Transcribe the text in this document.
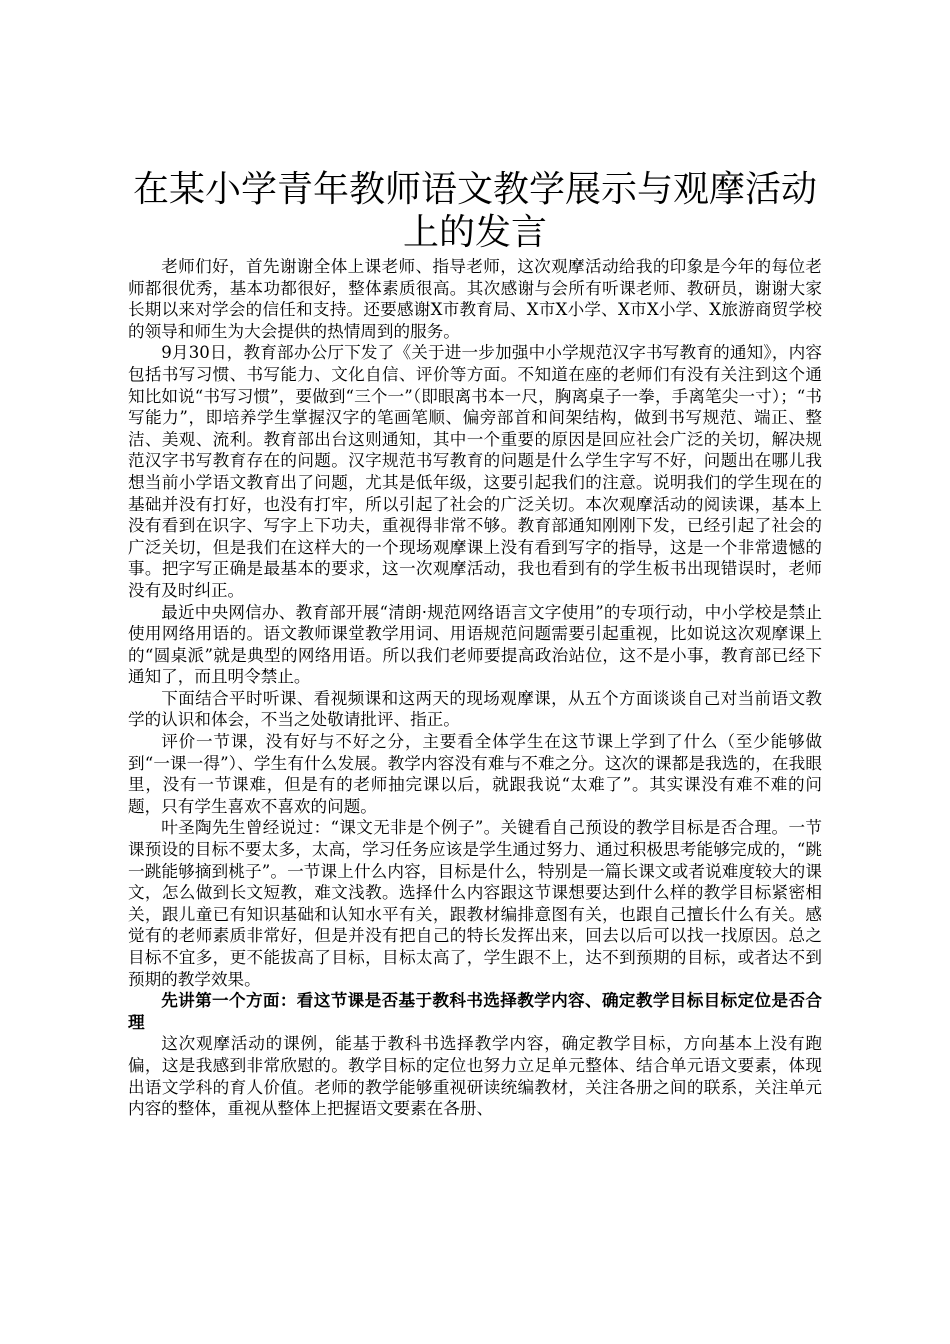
在某小学青年教师语文教学展示与观摩活动上的发言

老师们好，首先谢谢全体上课老师、指导老师，这次观摩活动给我的印象是今年的每位老师都很优秀，基本功都很好，整体素质很高。其次感谢与会所有听课老师、教研员，谢谢大家长期以来对学会的信任和支持。还要感谢X市教育局、X市X小学、X市X小学、X旅游商贸学校的领导和师生为大会提供的热情周到的服务。

9月30日，教育部办公厅下发了《关于进一步加强中小学规范汉字书写教育的通知》，内容包括书写习惯、书写能力、文化自信、评价等方面。不知道在座的老师们有没有关注到这个通知比如说“书写习惯”，要做到“三个一”（即眼离书本一尺，胸离桌子一拳，手离笔尖一寸）；“书写能力”，即培养学生掌握汉字的笔画笔顺、偏旁部首和间架结构，做到书写规范、端正、整洁、美观、流利。教育部出台这则通知，其中一个重要的原因是回应社会广泛的关切，解决规范汉字书写教育存在的问题。汉字规范书写教育的问题是什么学生字写不好，问题出在哪儿我想当前小学语文教育出了问题，尤其是低年级，这要引起我们的注意。说明我们的学生现在的基础并没有打好，也没有打牢，所以引起了社会的广泛关切。本次观摩活动的阅读课，基本上没有看到在识字、写字上下功夫，重视得非常不够。教育部通知刚刚下发，已经引起了社会的广泛关切，但是我们在这样大的一个现场观摩课上没有看到写字的指导，这是一个非常遗憾的事。把字写正确是最基本的要求，这一次观摩活动，我也看到有的学生板书出现错误时，老师没有及时纠正。

最近中央网信办、教育部开展“清朗·规范网络语言文字使用”的专项行动，中小学校是禁止使用网络用语的。语文教师课堂教学用词、用语规范问题需要引起重视，比如说这次观摩课上的“圆桌派”就是典型的网络用语。所以我们老师要提高政治站位，这不是小事，教育部已经下通知了，而且明令禁止。

下面结合平时听课、看视频课和这两天的现场观摩课，从五个方面谈谈自己对当前语文教学的认识和体会，不当之处敬请批评、指正。

评价一节课，没有好与不好之分，主要看全体学生在这节课上学到了什么（至少能够做到“一课一得”）、学生有什么发展。教学内容没有难与不难之分。这次的课都是我选的，在我眼里，没有一节课难，但是有的老师抽完课以后，就跟我说“太难了”。其实课没有难不难的问题，只有学生喜欢不喜欢的问题。

叶圣陶先生曾经说过：“课文无非是个例子”。关键看自己预设的教学目标是否合理。一节课预设的目标不要太多，太高，学习任务应该是学生通过努力、通过积极思考能够完成的，“跳一跳能够摘到桃子”。一节课上什么内容，目标是什么，特别是一篇长课文或者说难度较大的课文，怎么做到长文短教，难文浅教。选择什么内容跟这节课想要达到什么样的教学目标紧密相关，跟儿童已有知识基础和认知水平有关，跟教材编排意图有关，也跟自己擅长什么有关。感觉有的老师素质非常好，但是并没有把自己的特长发挥出来，回去以后可以找一找原因。总之目标不宜多，更不能拔高了目标，目标太高了，学生跟不上，达不到预期的目标，或者达不到预期的教学效果。

先讲第一个方面：看这节课是否基于教科书选择教学内容、确定教学目标目标定位是否合理

这次观摩活动的课例，能基于教科书选择教学内容，确定教学目标，方向基本上没有跑偏，这是我感到非常欣慰的。教学目标的定位也努力立足单元整体、结合单元语文要素，体现出语文学科的育人价值。老师的教学能够重视研读统编教材，关注各册之间的联系，关注单元内容的整体，重视从整体上把握语文要素在各册、
